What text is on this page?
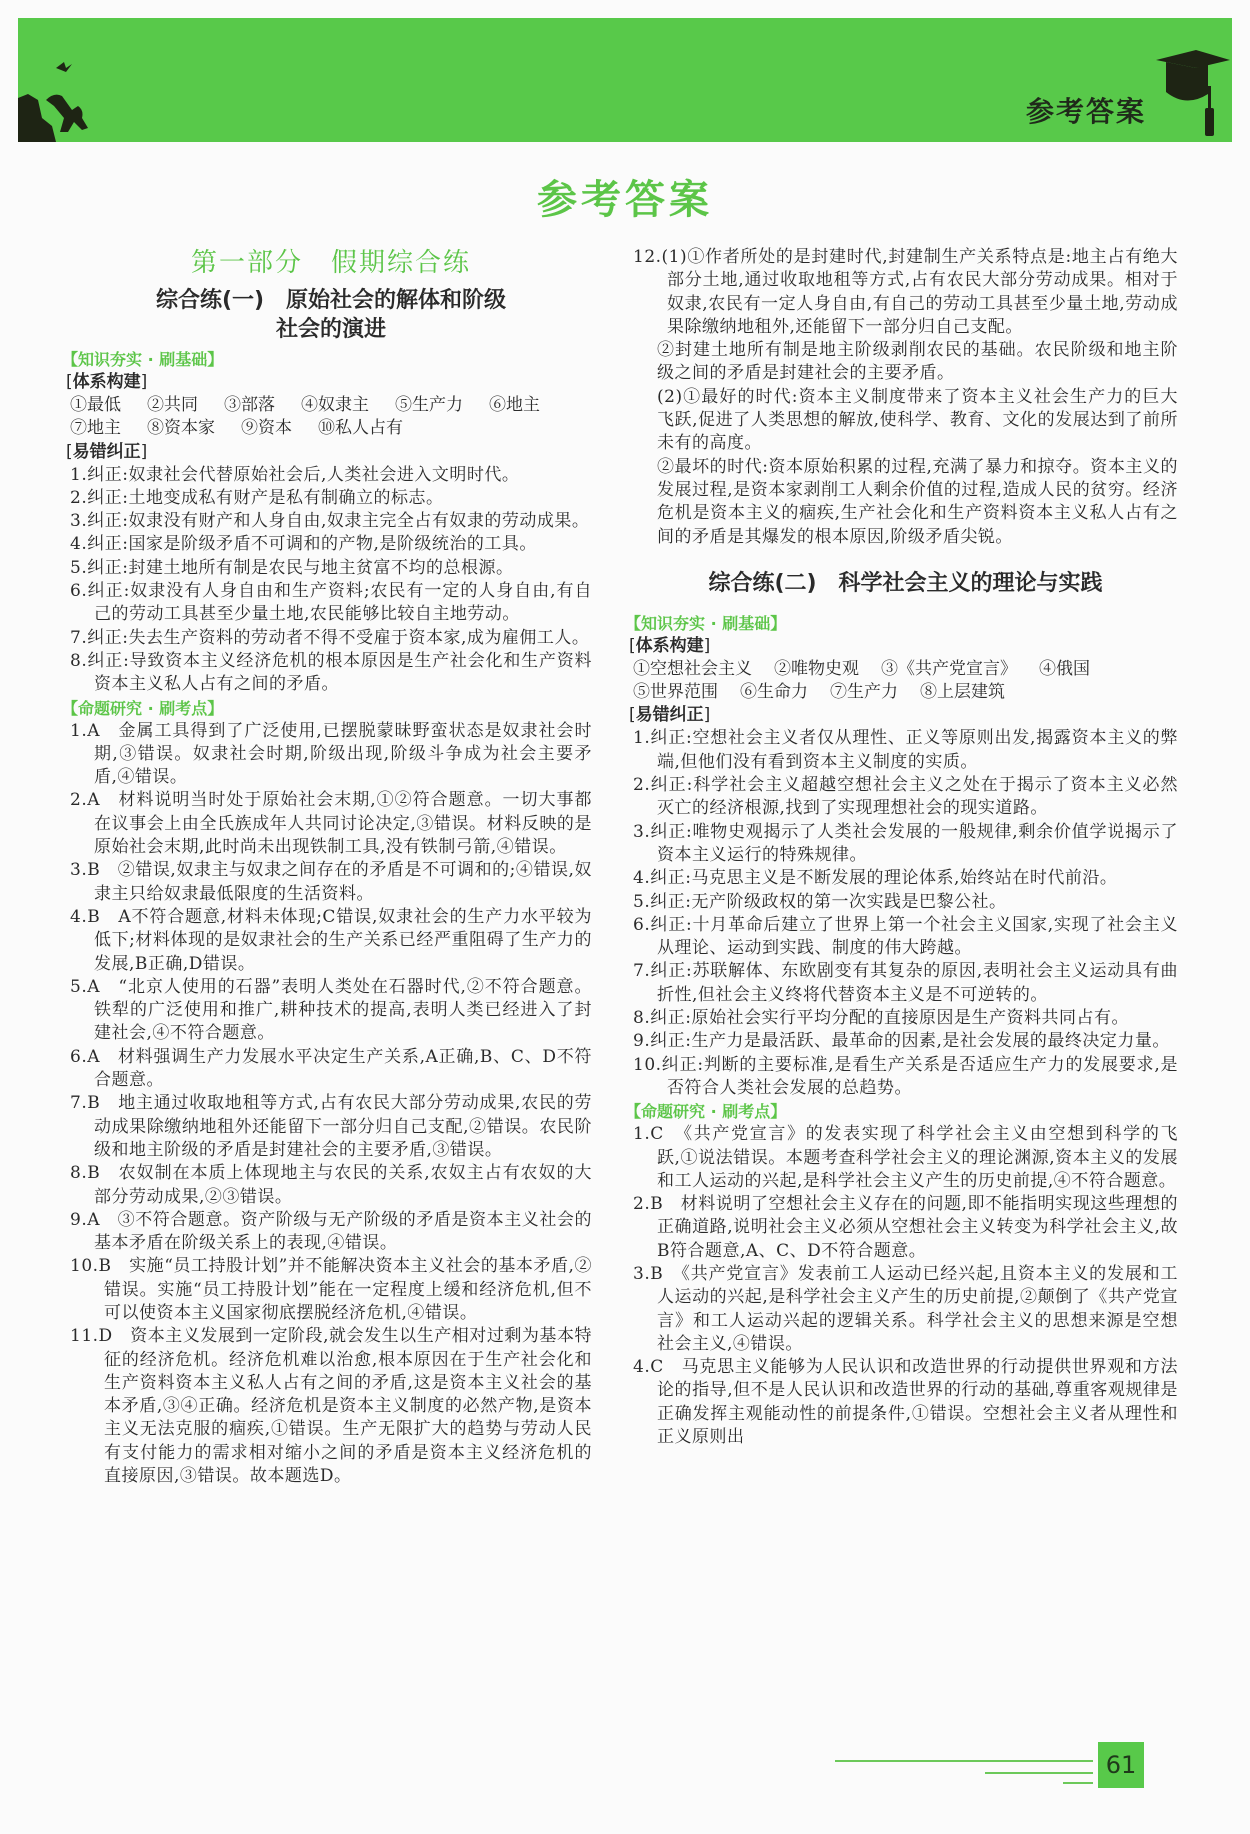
参考答案
参考答案
第一部分　假期综合练
综合练(一)　原始社会的解体和阶级
社会的演进
【知识夯实 · 刷基础】
[ 体系构建 ]
①最低 ②共同 ③部落 ④奴隶主 ⑤生产力 ⑥地主
⑦地主 ⑧资本家 ⑨资本 ⑩私人占有
[ 易错纠正 ]
1.纠正:奴隶社会代替原始社会后,人类社会进入文明时代。
2.纠正:土地变成私有财产是私有制确立的标志。
3.纠正:奴隶没有财产和人身自由,奴隶主完全占有奴隶的劳动成果。
4.纠正:国家是阶级矛盾不可调和的产物,是阶级统治的工具。
5.纠正:封建土地所有制是农民与地主贫富不均的总根源。
6.纠正:奴隶没有人身自由和生产资料;农民有一定的人身自由,有自己的劳动工具甚至少量土地,农民能够比较自主地劳动。
7.纠正:失去生产资料的劳动者不得不受雇于资本家,成为雇佣工人。
8.纠正:导致资本主义经济危机的根本原因是生产社会化和生产资料资本主义私人占有之间的矛盾。
【命题研究 · 刷考点】
1.A　金属工具得到了广泛使用,已摆脱蒙昧野蛮状态是奴隶社会时期,③错误。奴隶社会时期,阶级出现,阶级斗争成为社会主要矛盾,④错误。
2.A　材料说明当时处于原始社会末期,①②符合题意。一切大事都在议事会上由全氏族成年人共同讨论决定,③错误。材料反映的是原始社会末期,此时尚未出现铁制工具,没有铁制弓箭,④错误。
3.B　②错误,奴隶主与奴隶之间存在的矛盾是不可调和的;④错误,奴隶主只给奴隶最低限度的生活资料。
4.B　A不符合题意,材料未体现;C错误,奴隶社会的生产力水平较为低下;材料体现的是奴隶社会的生产关系已经严重阻碍了生产力的发展,B正确,D错误。
5.A　“北京人使用的石器”表明人类处在石器时代,②不符合题意。铁犁的广泛使用和推广,耕种技术的提高,表明人类已经进入了封建社会,④不符合题意。
6.A　材料强调生产力发展水平决定生产关系,A正确,B、C、D不符合题意。
7.B　地主通过收取地租等方式,占有农民大部分劳动成果,农民的劳动成果除缴纳地租外还能留下一部分归自己支配,②错误。农民阶级和地主阶级的矛盾是封建社会的主要矛盾,③错误。
8.B　农奴制在本质上体现地主与农民的关系,农奴主占有农奴的大部分劳动成果,②③错误。
9.A　③不符合题意。资产阶级与无产阶级的矛盾是资本主义社会的基本矛盾在阶级关系上的表现,④错误。
10.B　实施“员工持股计划”并不能解决资本主义社会的基本矛盾,②错误。实施“员工持股计划”能在一定程度上缓和经济危机,但不可以使资本主义国家彻底摆脱经济危机,④错误。
11.D　资本主义发展到一定阶段,就会发生以生产相对过剩为基本特征的经济危机。经济危机难以治愈,根本原因在于生产社会化和生产资料资本主义私人占有之间的矛盾,这是资本主义社会的基本矛盾,③④正确。经济危机是资本主义制度的必然产物,是资本主义无法克服的痼疾,①错误。生产无限扩大的趋势与劳动人民有支付能力的需求相对缩小之间的矛盾是资本主义经济危机的直接原因,③错误。故本题选D。
12.(1)①作者所处的是封建时代,封建制生产关系特点是:地主占有绝大部分土地,通过收取地租等方式,占有农民大部分劳动成果。相对于奴隶,农民有一定人身自由,有自己的劳动工具甚至少量土地,劳动成果除缴纳地租外,还能留下一部分归自己支配。
②封建土地所有制是地主阶级剥削农民的基础。农民阶级和地主阶级之间的矛盾是封建社会的主要矛盾。
(2)①最好的时代:资本主义制度带来了资本主义社会生产力的巨大飞跃,促进了人类思想的解放,使科学、教育、文化的发展达到了前所未有的高度。
②最坏的时代:资本原始积累的过程,充满了暴力和掠夺。资本主义的发展过程,是资本家剥削工人剩余价值的过程,造成人民的贫穷。经济危机是资本主义的痼疾,生产社会化和生产资料资本主义私人占有之间的矛盾是其爆发的根本原因,阶级矛盾尖锐。
综合练(二)　科学社会主义的理论与实践
【知识夯实 · 刷基础】
[ 体系构建 ]
①空想社会主义 ②唯物史观 ③《共产党宣言》 ④俄国
⑤世界范围 ⑥生命力 ⑦生产力 ⑧上层建筑
[ 易错纠正 ]
1.纠正:空想社会主义者仅从理性、正义等原则出发,揭露资本主义的弊端,但他们没有看到资本主义制度的实质。
2.纠正:科学社会主义超越空想社会主义之处在于揭示了资本主义必然灭亡的经济根源,找到了实现理想社会的现实道路。
3.纠正:唯物史观揭示了人类社会发展的一般规律,剩余价值学说揭示了资本主义运行的特殊规律。
4.纠正:马克思主义是不断发展的理论体系,始终站在时代前沿。
5.纠正:无产阶级政权的第一次实践是巴黎公社。
6.纠正:十月革命后建立了世界上第一个社会主义国家,实现了社会主义从理论、运动到实践、制度的伟大跨越。
7.纠正:苏联解体、东欧剧变有其复杂的原因,表明社会主义运动具有曲折性,但社会主义终将代替资本主义是不可逆转的。
8.纠正:原始社会实行平均分配的直接原因是生产资料共同占有。
9.纠正:生产力是最活跃、最革命的因素,是社会发展的最终决定力量。
10.纠正:判断的主要标准,是看生产关系是否适应生产力的发展要求,是否符合人类社会发展的总趋势。
【命题研究 · 刷考点】
1.C　《共产党宣言》的发表实现了科学社会主义由空想到科学的飞跃,①说法错误。本题考查科学社会主义的理论渊源,资本主义的发展和工人运动的兴起,是科学社会主义产生的历史前提,④不符合题意。
2.B　材料说明了空想社会主义存在的问题,即不能指明实现这些理想的正确道路,说明社会主义必须从空想社会主义转变为科学社会主义,故B符合题意,A、C、D不符合题意。
3.B　《共产党宣言》发表前工人运动已经兴起,且资本主义的发展和工人运动的兴起,是科学社会主义产生的历史前提,②颠倒了《共产党宣言》和工人运动兴起的逻辑关系。科学社会主义的思想来源是空想社会主义,④错误。
4.C　马克思主义能够为人民认识和改造世界的行动提供世界观和方法论的指导,但不是人民认识和改造世界的行动的基础,尊重客观规律是正确发挥主观能动性的前提条件,①错误。空想社会主义者从理性和正义原则出
61
